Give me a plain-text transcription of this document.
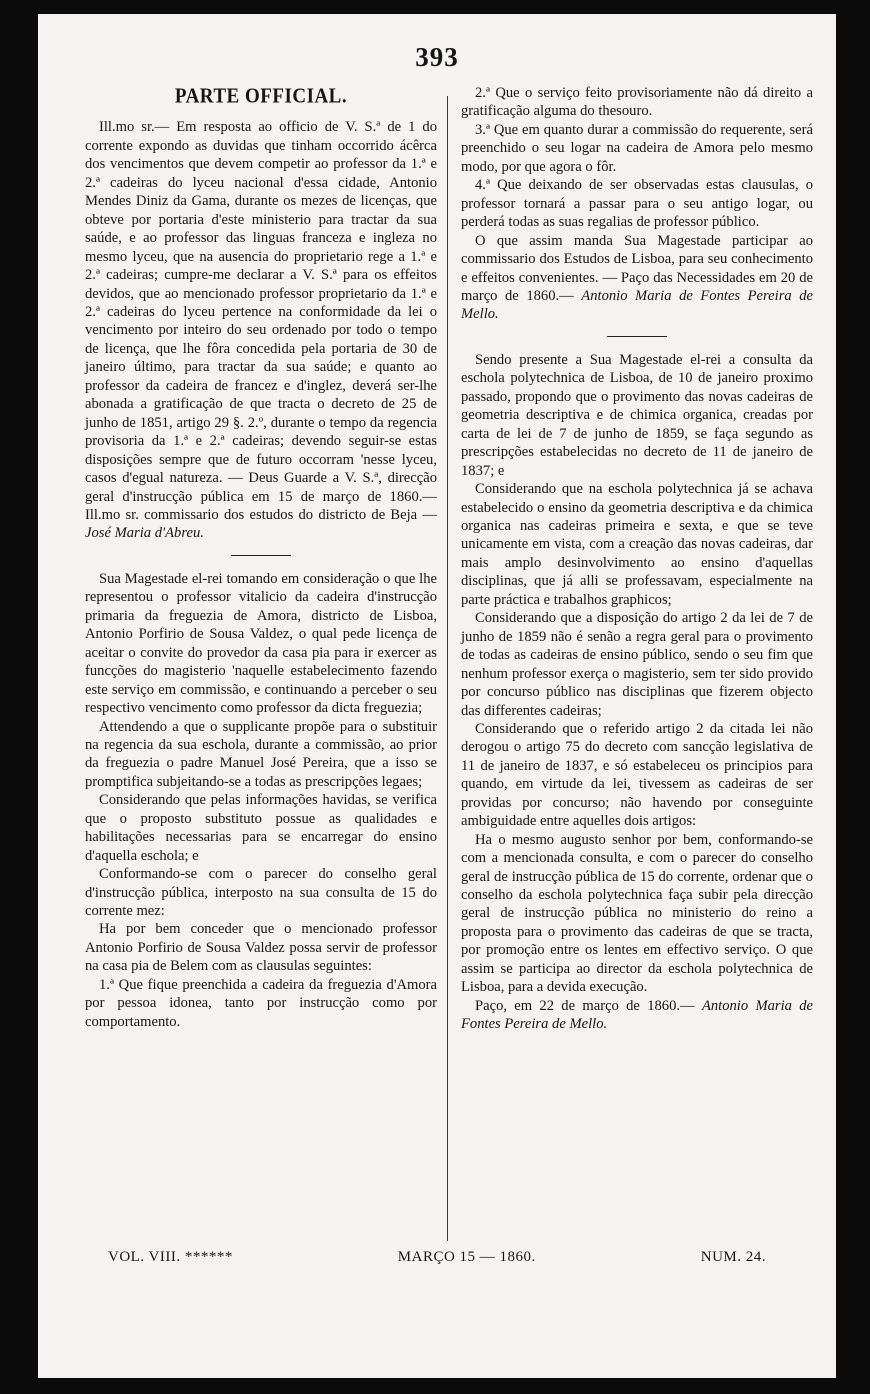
393
PARTE OFFICIAL.

Ill.mo sr.— Em resposta ao officio de V. S.ª de 1 do corrente expondo as duvidas que tinham occorrido ácêrca dos vencimentos que devem competir ao professor da 1.ª e 2.ª cadeiras do lyceu nacional d'essa cidade, Antonio Mendes Diniz da Gama, durante os mezes de licenças, que obteve por portaria d'este ministerio para tractar da sua saúde, e ao professor das linguas franceza e ingleza no mesmo lyceu, que na ausencia do proprietario rege a 1.ª e 2.ª cadeiras; cumpre-me declarar a V. S.ª para os effeitos devidos, que ao mencionado professor proprietario da 1.ª e 2.ª cadeiras do lyceu pertence na conformidade da lei o vencimento por inteiro do seu ordenado por todo o tempo de licença, que lhe fôra concedida pela portaria de 30 de janeiro último, para tractar da sua saúde; e quanto ao professor da cadeira de francez e d'inglez, deverá ser-lhe abonada a gratificação de que tracta o decreto de 25 de junho de 1851, artigo 29 §. 2.º, durante o tempo da regencia provisoria da 1.ª e 2.ª cadeiras; devendo seguir-se estas disposições sempre que de futuro occorram 'nesse lyceu, casos d'egual natureza. — Deus Guarde a V. S.ª, direcção geral d'instrucção pública em 15 de março de 1860.— Ill.mo sr. commissario dos estudos do districto de Beja — José Maria d'Abreu.

Sua Magestade el-rei tomando em consideração o que lhe representou o professor vitalicio da cadeira d'instrucção primaria da freguezia de Amora, districto de Lisboa, Antonio Porfirio de Sousa Valdez, o qual pede licença de aceitar o convite do provedor da casa pia para ir exercer as funcções do magisterio 'naquelle estabelecimento fazendo este serviço em commissão, e continuando a perceber o seu respectivo vencimento como professor da dicta freguezia;

Attendendo a que o supplicante propõe para o substituir na regencia da sua escholа, durante a commissão, ao prior da freguezia o padre Manuel José Pereira, que a isso se promptifica subjeitando-se a todas as prescripções legaes;

Considerando que pelas informações havidas, se verifica que o proposto substituto possue as qualidades e habilitações necessarias para se encarregar do ensino d'aquella eschola; e

Conformando-se com o parecer do conselho geral d'instrucção pública, interposto na sua consulta de 15 do corrente mez:

Ha por bem conceder que o mencionado professor Antonio Porfirio de Sousa Valdez possa servir de professor na casa pia de Belem com as clausulas seguintes:

1.ª Que fique preenchida a cadeira da freguezia d'Amora por pessoa idonea, tanto por instrucção como por comportamento.

2.ª Que o serviço feito provisoriamente não dá direito a gratificação alguma do thesouro.

3.ª Que em quanto durar a commissão do requerente, será preenchido o seu logar na cadeira de Amora pelo mesmo modo, por que agora o fôr.

4.ª Que deixando de ser observadas estas clausulas, o professor tornará a passar para o seu antigo logar, ou perderá todas as suas regalias de professor público.

O que assim manda Sua Magestade participar ao commissario dos Estudos de Lisboa, para seu conhecimento e effeitos convenientes. — Paço das Necessidades em 20 de março de 1860.— Antonio Maria de Fontes Pereira de Mello.

Sendo presente a Sua Magestade el-rei a consulta da eschola polytechnica de Lisboa, de 10 de janeiro proximo passado, propondo que o provimento das novas cadeiras de geometria descriptiva e de chimica organica, creadas por carta de lei de 7 de junho de 1859, se faça segundo as prescripções estabelecidas no decreto de 11 de janeiro de 1837; e

Considerando que na eschola polytechnica já se achava estabelecido o ensino da geometria descriptiva e da chimica organica nas cadeiras primeira e sexta, e que se teve unicamente em vista, com a creação das novas cadeiras, dar mais amplo desinvolvimento ao ensino d'aquellas disciplinas, que já alli se professavam, especialmente na parte práctica e trabalhos graphicos;

Considerando que a disposição do artigo 2 da lei de 7 de junho de 1859 não é senão a regra geral para o provimento de todas as cadeiras de ensino público, sendo o seu fim que nenhum professor exerça o magisterio, sem ter sido provido por concurso público nas disciplinas que fizerem objecto das differentes cadeiras;

Considerando que o referido artigo 2 da citada lei não derogou o artigo 75 do decreto com sancção legislativa de 11 de janeiro de 1837, e só estabeleceu os principios para quando, em virtude da lei, tivessem as cadeiras de ser providas por concurso; não havendo por conseguinte ambiguidade entre aquelles dois artigos:

Ha o mesmo augusto senhor por bem, conformando-se com a mencionada consulta, e com o parecer do conselho geral de instrucção pública de 15 do corrente, ordenar que o conselho da eschola polytechnica faça subir pela direcção geral de instrucção pública no ministerio do reino a proposta para o provimento das cadeiras de que se tracta, por promoção entre os lentes em effectivo serviço. O que assim se participa ao director da eschola polytechnica de Lisboa, para a devida execução.

Paço, em 22 de março de 1860.— Antonio Maria de Fontes Pereira de Mello.

VOL. VIII. ******	MARÇO 15 — 1860.	NUM. 24.
